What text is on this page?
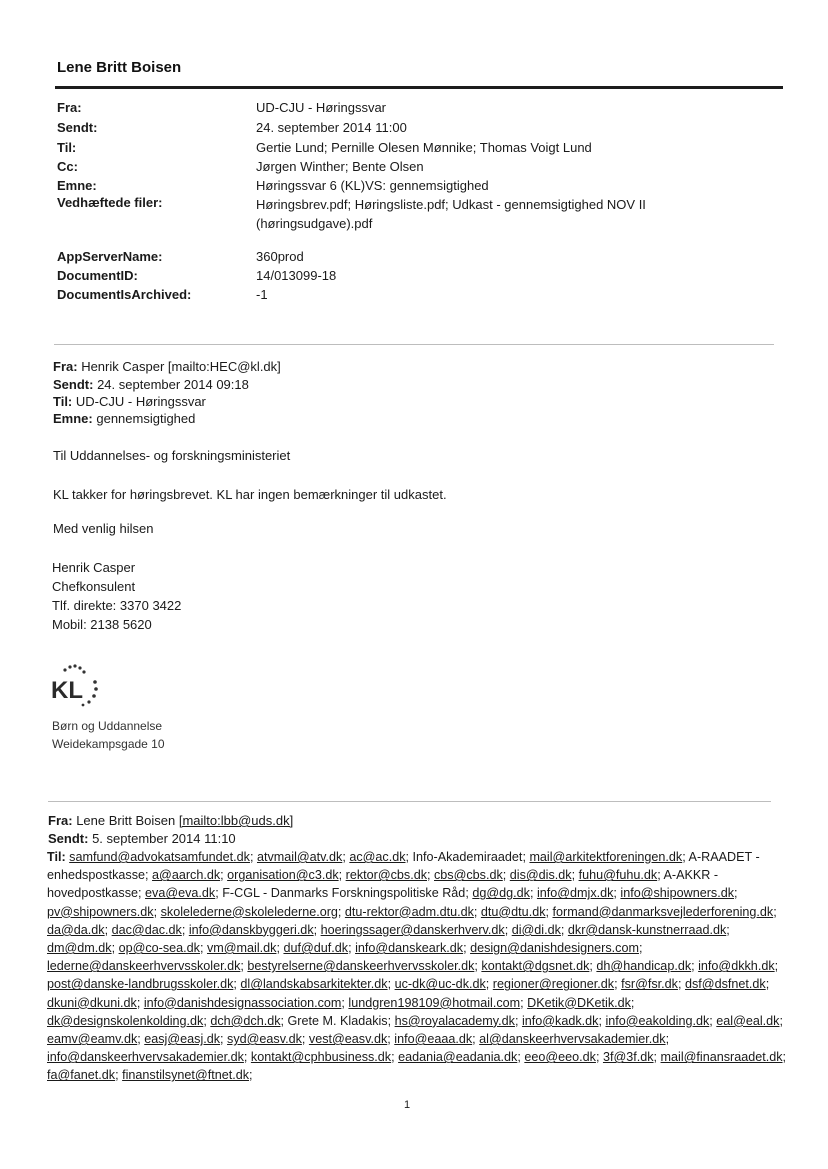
Lene Britt Boisen
Fra:	UD-CJU - Høringssvar
Sendt:	24. september 2014 11:00
Til:	Gertie Lund; Pernille Olesen Mønnike; Thomas Voigt Lund
Cc:	Jørgen Winther; Bente Olsen
Emne:	Høringssvar 6 (KL)VS: gennemsigtighed
Vedhæftede filer:	Høringsbrev.pdf; Høringsliste.pdf; Udkast - gennemsigtighed NOV II (høringsudgave).pdf
AppServerName:	360prod
DocumentID:	14/013099-18
DocumentIsArchived:	-1
Fra: Henrik Casper [mailto:HEC@kl.dk]
Sendt: 24. september 2014 09:18
Til: UD-CJU - Høringssvar
Emne: gennemsigtighed
Til Uddannelses- og forskningsministeriet
KL takker for høringsbrevet. KL har ingen bemærkninger til udkastet.
Med venlig hilsen
Henrik Casper
Chefkonsulent
Tlf. direkte: 3370 3422
Mobil: 2138 5620
KL
Børn og Uddannelse
Weidekampsgade 10
Fra: Lene Britt Boisen [mailto:lbb@uds.dk]
Sendt: 5. september 2014 11:10
Til: samfund@advokatsamfundet.dk; atvmail@atv.dk; ac@ac.dk; Info-Akademiraadet; mail@arkitektforeningen.dk; A-RAADET - enhedspostkasse; a@aarch.dk; organisation@c3.dk; rektor@cbs.dk; cbs@cbs.dk; dis@dis.dk; fuhu@fuhu.dk; A-AKKR - hovedpostkasse; eva@eva.dk; F-CGL - Danmarks Forskningspolitiske Råd; dg@dg.dk; info@dmjx.dk; info@shipowners.dk; pv@shipowners.dk; skolelederne@skolelederne.org; dtu-rektor@adm.dtu.dk; dtu@dtu.dk; formand@danmarksvejlederforening.dk; da@da.dk; dac@dac.dk; info@danskbyggeri.dk; hoeringssager@danskerhverv.dk; di@di.dk; dkr@dansk-kunstnerraad.dk; dm@dm.dk; op@co-sea.dk; vm@mail.dk; duf@duf.dk; info@danskeark.dk; design@danishdesigners.com; lederne@danskeerhvervsskoler.dk; bestyrelserne@danskeerhvervsskoler.dk; kontakt@dgsnet.dk; dh@handicap.dk; info@dkkh.dk; post@danske-landbrugsskoler.dk; dl@landskabsarkitekter.dk; uc-dk@uc-dk.dk; regioner@regioner.dk; fsr@fsr.dk; dsf@dsfnet.dk; dkuni@dkuni.dk; info@danishdesignassociation.com; lundgren198109@hotmail.com; DKetik@DKetik.dk; dk@designskolenkolding.dk; dch@dch.dk; Grete M. Kladakis; hs@royalacademy.dk; info@kadk.dk; info@eakolding.dk; eal@eal.dk; eamv@eamv.dk; easj@easj.dk; syd@easv.dk; vest@easv.dk; info@eaaa.dk; al@danskeerhvervsakademier.dk; info@danskeerhvervsakademier.dk; kontakt@cphbusiness.dk; eadania@eadania.dk; eeo@eeo.dk; 3f@3f.dk; mail@finansraadet.dk; fa@fanet.dk; finanstilsynet@ftnet.dk;
1
